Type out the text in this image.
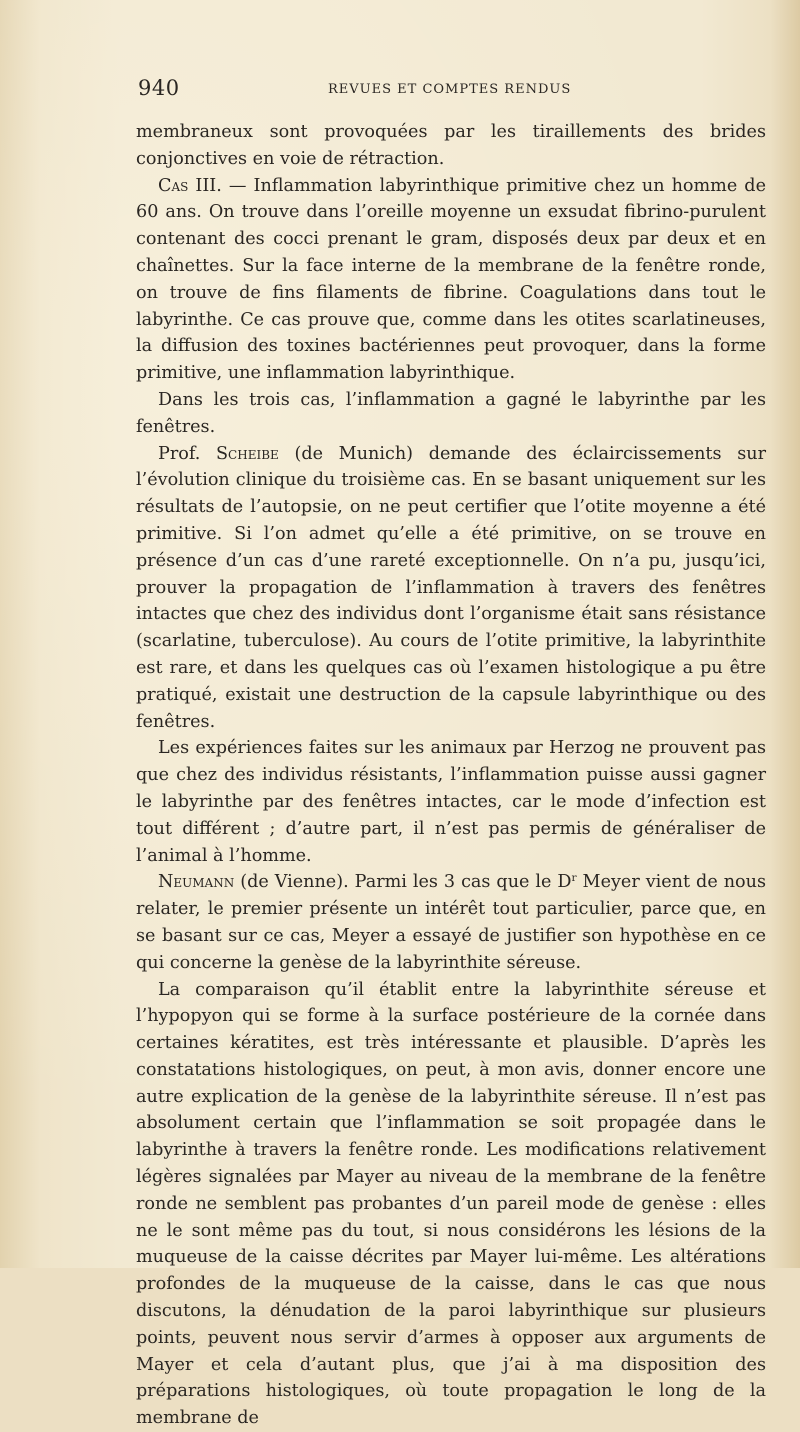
940	REVUES ET COMPTES RENDUS

membraneux sont provoquées par les tiraillements des brides conjonctives en voie de rétraction.

Cas III. — Inflammation labyrinthique primitive chez un homme de 60 ans. On trouve dans l’oreille moyenne un exsudat fibrino-purulent contenant des cocci prenant le gram, disposés deux par deux et en chaînettes. Sur la face interne de la membrane de la fenêtre ronde, on trouve de fins filaments de fibrine. Coagulations dans tout le labyrinthe. Ce cas prouve que, comme dans les otites scarlatineuses, la diffusion des toxines bactériennes peut provoquer, dans la forme primitive, une inflammation labyrinthique.

Dans les trois cas, l’inflammation a gagné le labyrinthe par les fenêtres.

Prof. Scheibe (de Munich) demande des éclaircissements sur l’évolution clinique du troisième cas. En se basant uniquement sur les résultats de l’autopsie, on ne peut certifier que l’otite moyenne a été primitive. Si l’on admet qu’elle a été primitive, on se trouve en présence d’un cas d’une rareté exceptionnelle. On n’a pu, jusqu’ici, prouver la propagation de l’inflammation à travers des fenêtres intactes que chez des individus dont l’organisme était sans résistance (scarlatine, tuberculose). Au cours de l’otite primitive, la labyrinthite est rare, et dans les quelques cas où l’examen histologique a pu être pratiqué, existait une destruction de la capsule labyrinthique ou des fenêtres.

Les expériences faites sur les animaux par Herzog ne prouvent pas que chez des individus résistants, l’inflammation puisse aussi gagner le labyrinthe par des fenêtres intactes, car le mode d’infection est tout différent ; d’autre part, il n’est pas permis de généraliser de l’animal à l’homme.

Neumann (de Vienne). Parmi les 3 cas que le $D^r$ Meyer vient de nous relater, le premier présente un intérêt tout particulier, parce que, en se basant sur ce cas, Meyer a essayé de justifier son hypothèse en ce qui concerne la genèse de la labyrinthite séreuse.

La comparaison qu’il établit entre la labyrinthite séreuse et l’hypopyon qui se forme à la surface postérieure de la cornée dans certaines kératites, est très intéressante et plausible. D’après les constatations histologiques, on peut, à mon avis, donner encore une autre explication de la genèse de la labyrinthite séreuse. Il n’est pas absolument certain que l’inflammation se soit propagée dans le labyrinthe à travers la fenêtre ronde. Les modifications relativement légères signalées par Mayer au niveau de la membrane de la fenêtre ronde ne semblent pas probantes d’un pareil mode de genèse : elles ne le sont même pas du tout, si nous considérons les lésions de la muqueuse de la caisse décrites par Mayer lui-même. Les altérations profondes de la muqueuse de la caisse, dans le cas que nous discutons, la dénudation de la paroi labyrinthique sur plusieurs points, peuvent nous servir d’armes à opposer aux arguments de Mayer et cela d’autant plus, que j’ai à ma disposition des préparations histologiques, où toute propagation le long de la membrane de
